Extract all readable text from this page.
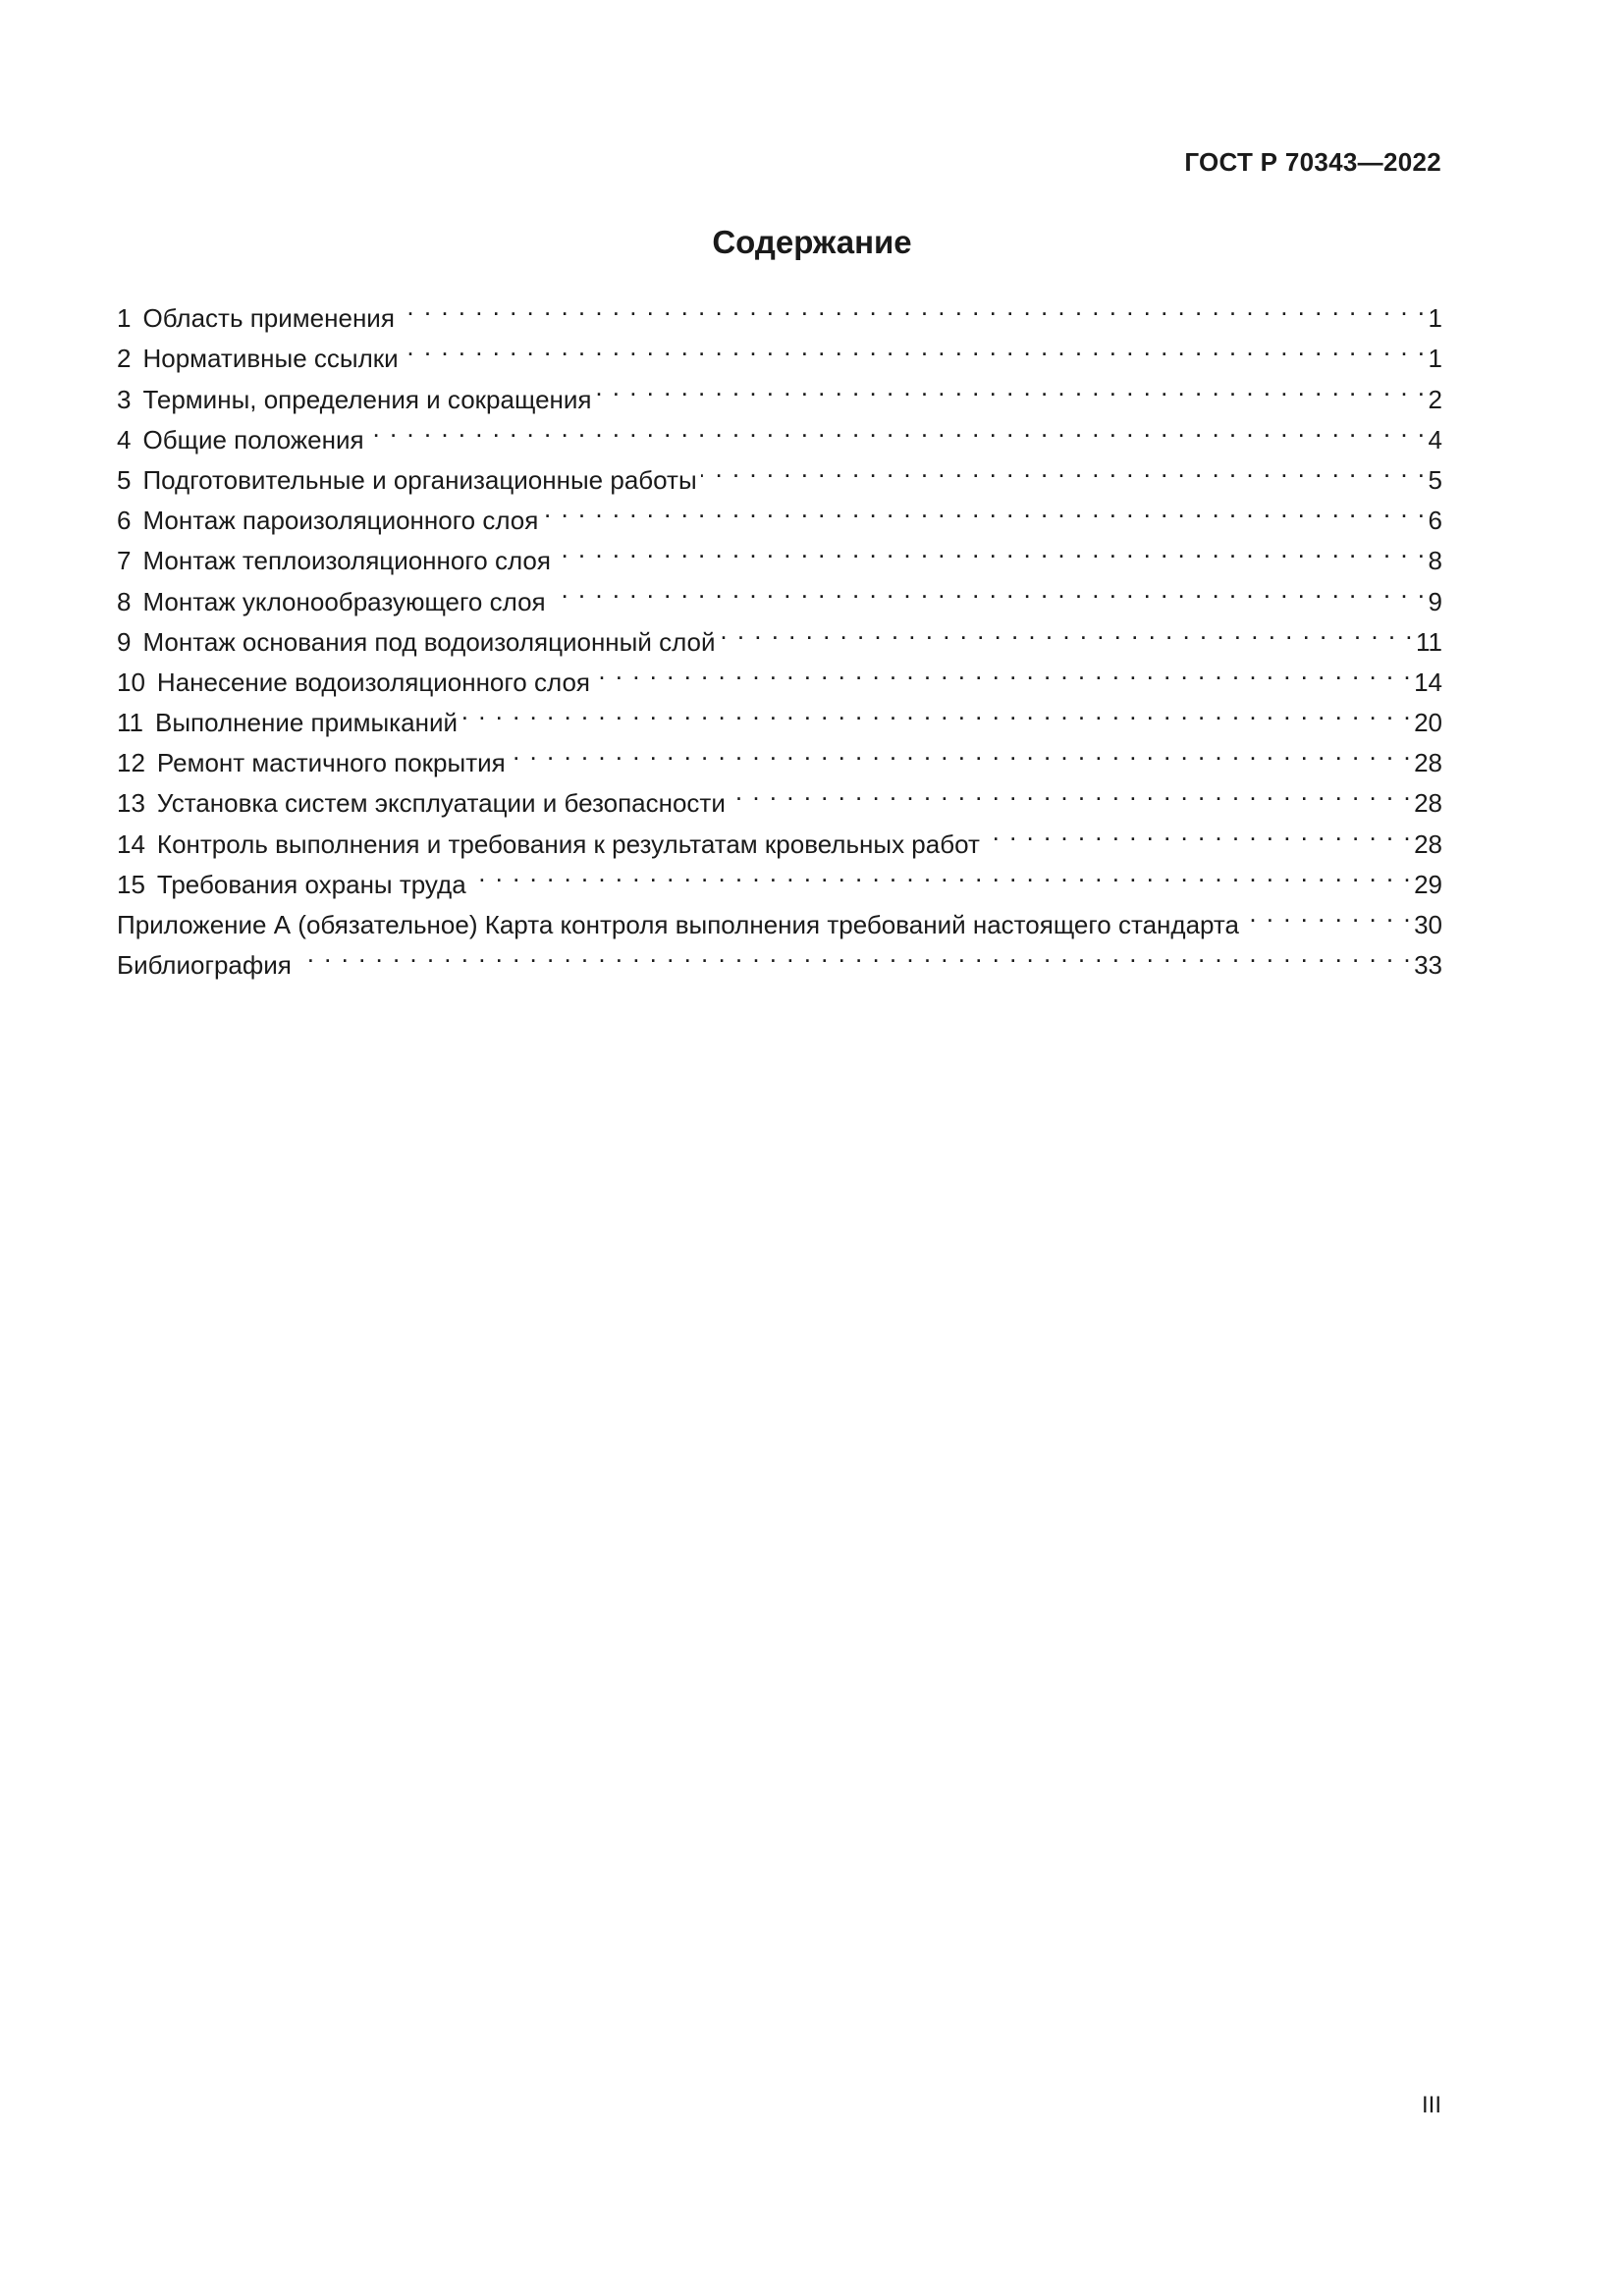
ГОСТ Р 70343—2022
Содержание
1 Область применения . . .	1
2 Нормативные ссылки . . .	1
3 Термины, определения и сокращения . . .	2
4 Общие положения . . .	4
5 Подготовительные и организационные работы . . .	5
6 Монтаж пароизоляционного слоя . . .	6
7 Монтаж теплоизоляционного слоя . . .	8
8 Монтаж уклонообразующего слоя . . .	9
9 Монтаж основания под водоизоляционный слой . . .	11
10 Нанесение водоизоляционного слоя . . .	14
11 Выполнение примыканий . . .	20
12 Ремонт мастичного покрытия . . .	28
13 Установка систем эксплуатации и безопасности . . .	28
14 Контроль выполнения и требования к результатам кровельных работ . . .	28
15 Требования охраны труда . . .	29
Приложение А (обязательное) Карта контроля выполнения требований настоящего стандарта . . .	30
Библиография . . .	33
III
